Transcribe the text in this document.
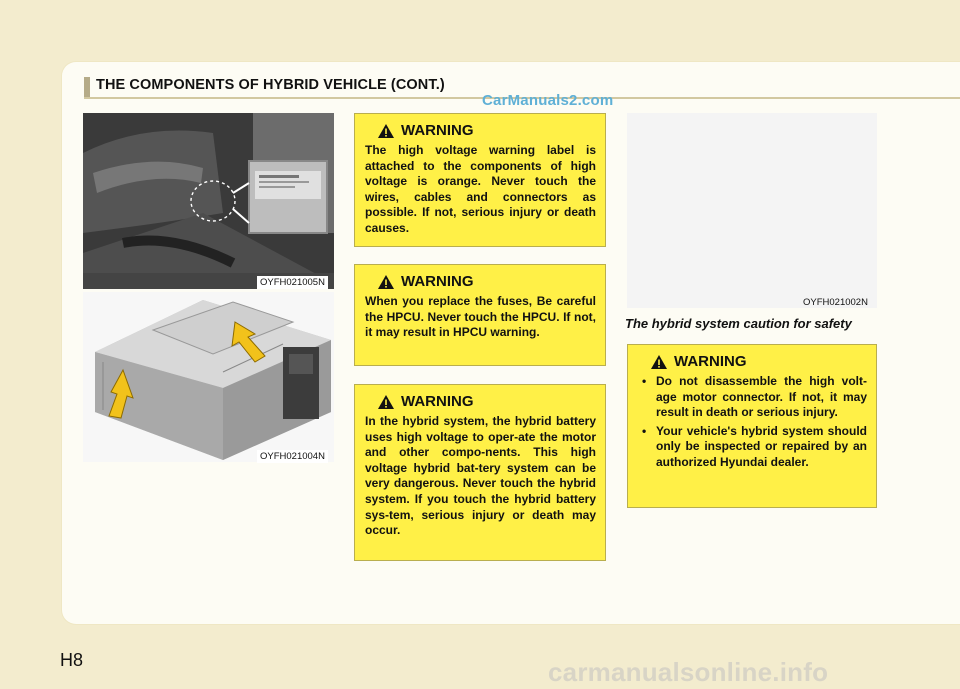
THE COMPONENTS OF HYBRID VEHICLE (CONT.)
CarManuals2.com
OYFH021005N
OYFH021004N
OYFH021002N
The hybrid system caution for safety
WARNING
The high voltage warning label is attached to the components of high voltage is orange. Never touch the wires, cables and connectors as possible. If not, serious injury or death causes.
WARNING
When you replace the fuses, Be careful the HPCU. Never touch the HPCU. If not, it may result in HPCU warning.
WARNING
In the hybrid system, the hybrid battery uses high voltage to oper-ate the motor and other compo-nents. This high voltage hybrid bat-tery system can be very dangerous. Never touch the hybrid system. If you touch the hybrid battery sys-tem, serious injury or death may occur.
WARNING
• Do not disassemble the high volt-age motor connector. If not, it may result in death or serious injury.
• Your vehicle's hybrid system should only be inspected or repaired by an authorized Hyundai dealer.
H8	carmanualsonline.info
